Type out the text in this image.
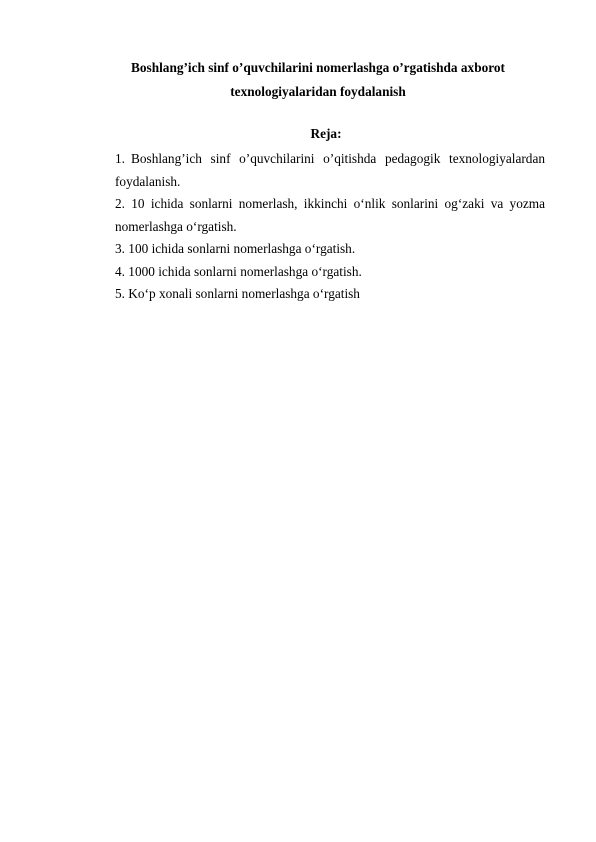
Boshlang’ich sinf o’quvchilarini nomerlashga o’rgatishda axborot
texnologiyalaridan foydalanish
Reja:
1. Boshlang’ich sinf o’quvchilarini o’qitishda pedagogik texnologiyalardan
foydalanish.
2. 10 ichida sonlarni nomerlash, ikkinchi o‘nlik sonlarini og‘zaki va yozma
nomerlashga o‘rgatish.
3. 100 ichida sonlarni nomerlashga o‘rgatish.
4. 1000 ichida sonlarni nomerlashga o‘rgatish.
5. Ko‘p xonali sonlarni nomerlashga o‘rgatish
